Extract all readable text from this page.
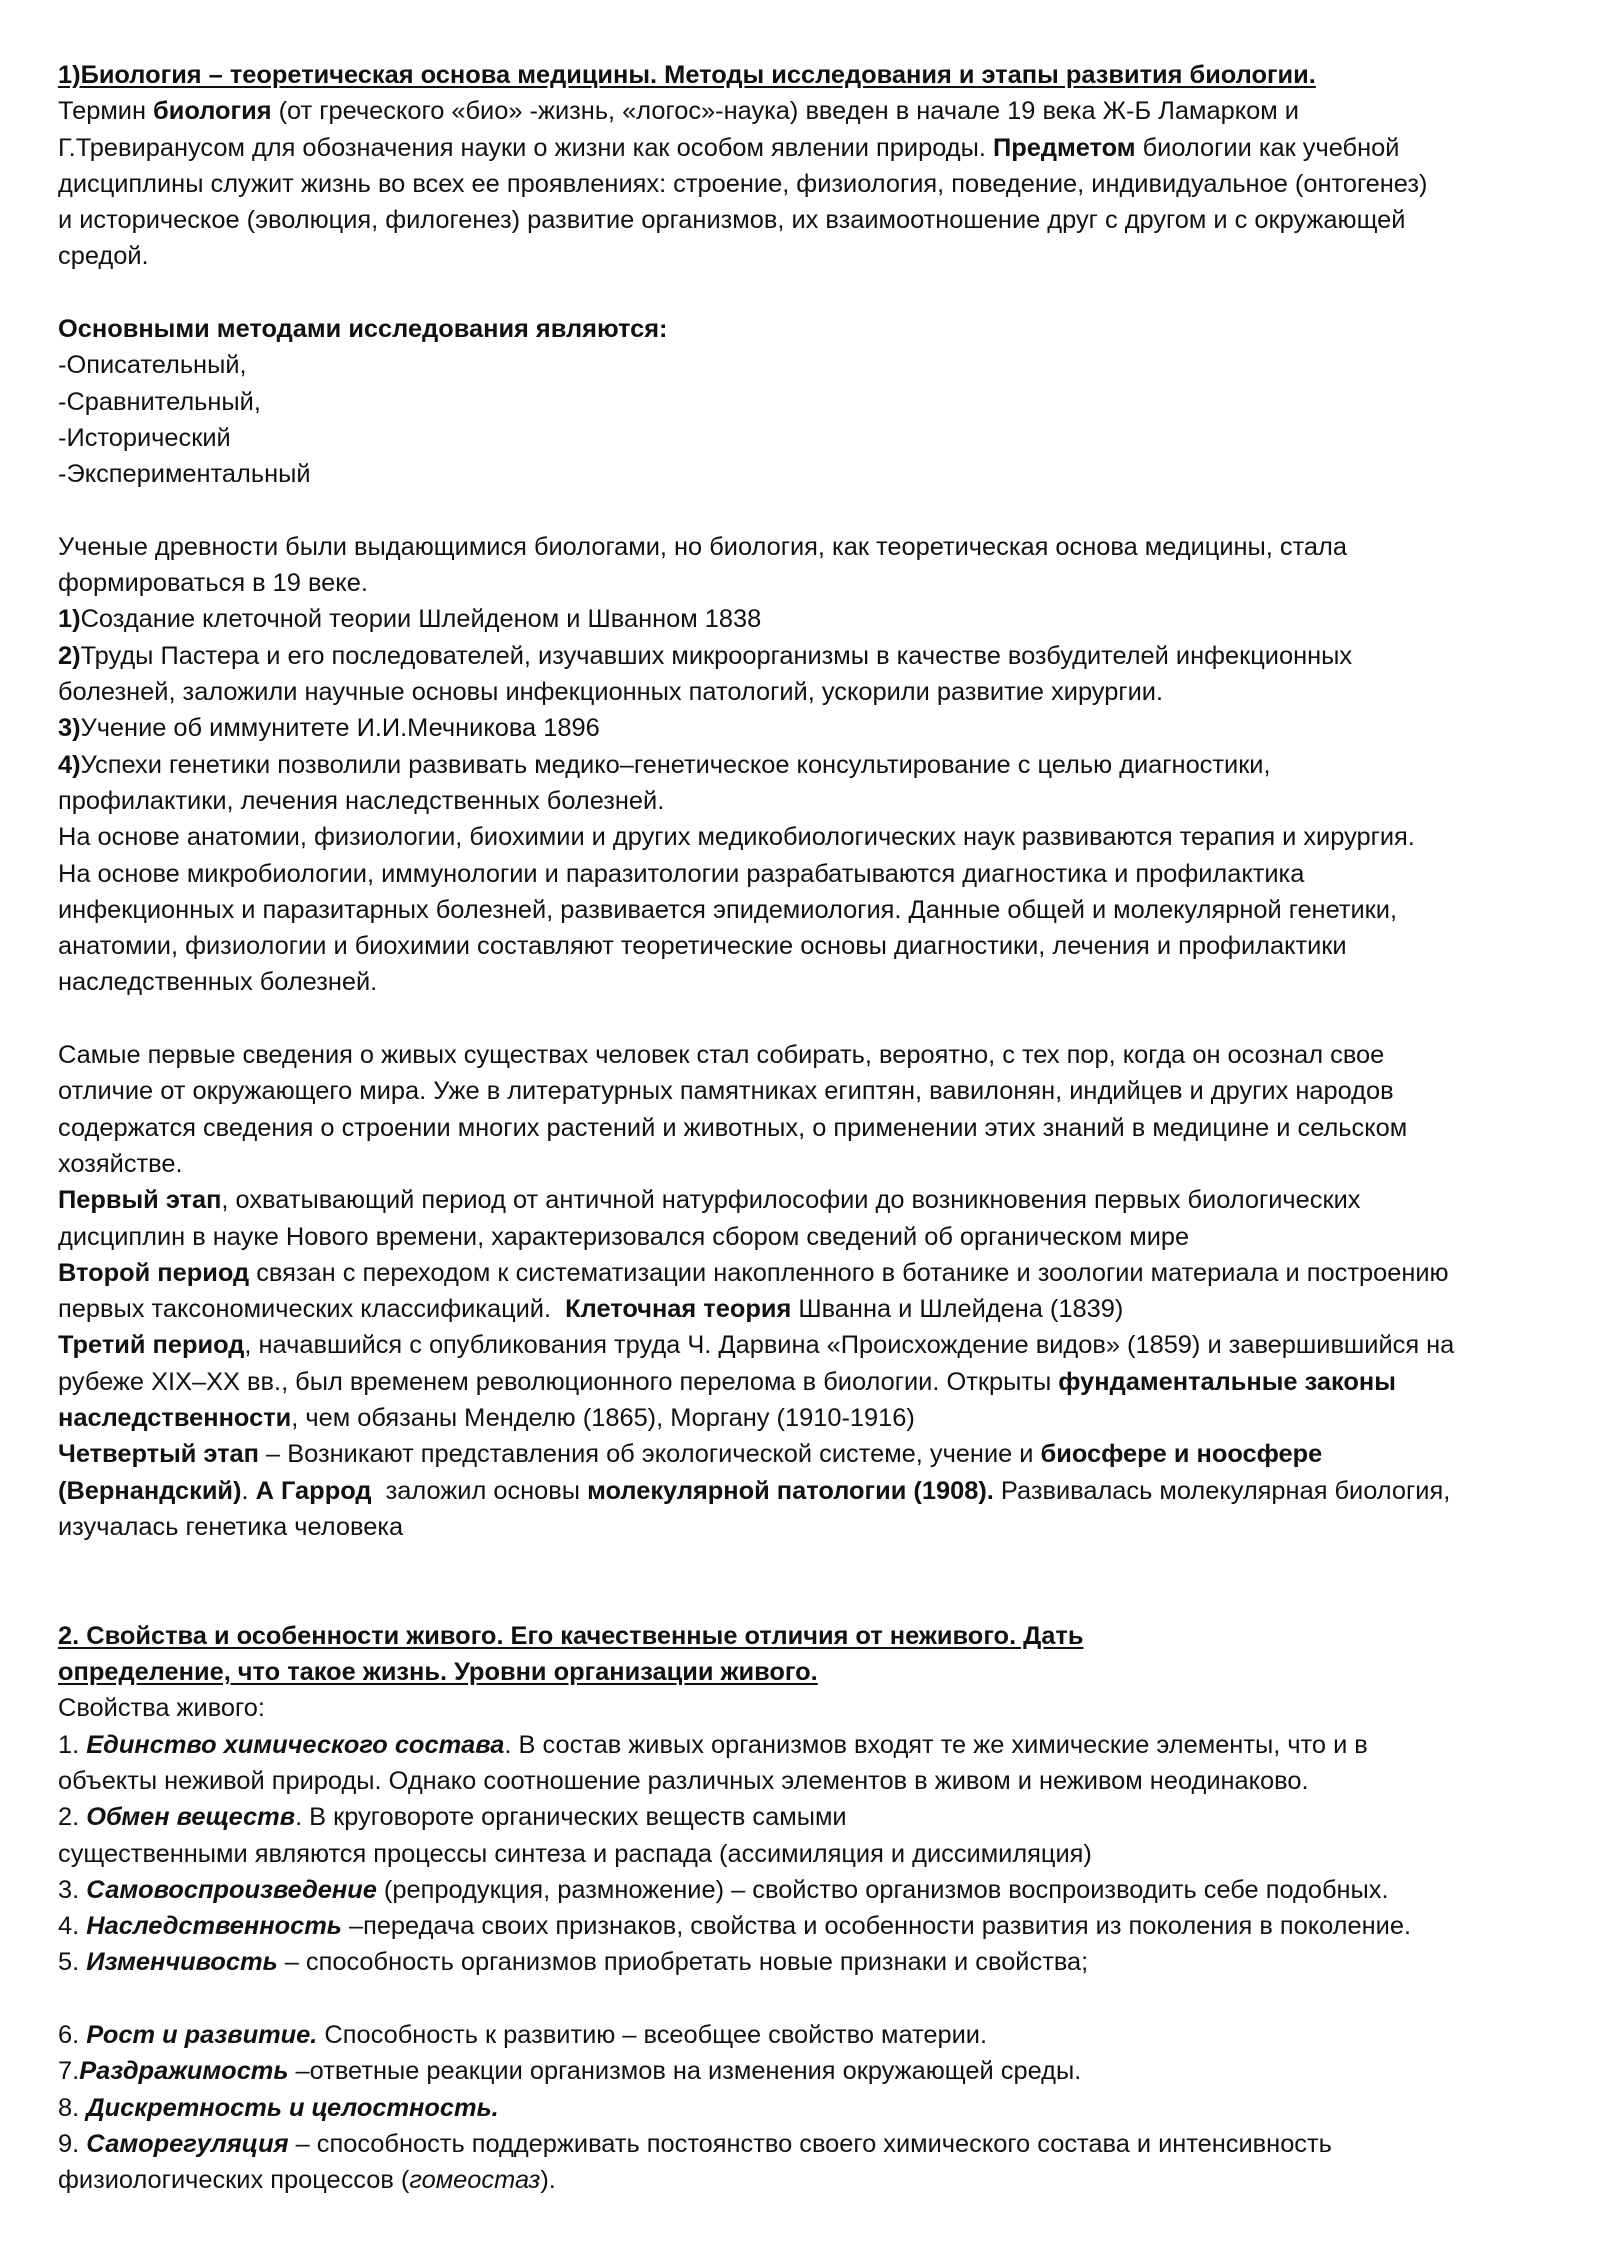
1)Биология – теоретическая основа медицины. Методы исследования и этапы развития биологии.
Термин биология (от греческого «био» -жизнь, «логос»-наука) введен в начале 19 века Ж-Б Ламарком и
Г.Тревиранусом для обозначения науки о жизни как особом явлении природы. Предметом биологии как учебной
дисциплины служит жизнь во всех ее проявлениях: строение, физиология, поведение, индивидуальное (онтогенез)
и историческое (эволюция, филогенез) развитие организмов, их взаимоотношение друг с другом и с окружающей
средой.
Основными методами исследования являются:
-Описательный,
-Сравнительный,
-Исторический
-Экспериментальный
Ученые древности были выдающимися биологами, но биология, как теоретическая основа медицины, стала
формироваться в 19 веке.
1)Создание клеточной теории Шлейденом и Шванном 1838
2)Труды Пастера и его последователей, изучавших микроорганизмы в качестве возбудителей инфекционных
болезней, заложили научные основы инфекционных патологий, ускорили развитие хирургии.
3)Учение об иммунитете И.И.Мечникова 1896
4)Успехи генетики позволили развивать медико–генетическое консультирование с целью диагностики,
профилактики, лечения наследственных болезней.
На основе анатомии, физиологии, биохимии и других медикобиологических наук развиваются терапия и хирургия.
На основе микробиологии, иммунологии и паразитологии разрабатываются диагностика и профилактика
инфекционных и паразитарных болезней, развивается эпидемиология. Данные общей и молекулярной генетики,
анатомии, физиологии и биохимии составляют теоретические основы диагностики, лечения и профилактики
наследственных болезней.
Самые первые сведения о живых существах человек стал собирать, вероятно, с тех пор, когда он осознал свое
отличие от окружающего мира. Уже в литературных памятниках египтян, вавилонян, индийцев и других народов
содержатся сведения о строении многих растений и животных, о применении этих знаний в медицине и сельском
хозяйстве.
Первый этап, охватывающий период от античной натурфилософии до возникновения первых биологических
дисциплин в науке Нового времени, характеризовался сбором сведений об органическом мире
Второй период связан с переходом к систематизации накопленного в ботанике и зоологии материала и построению
первых таксономических классификаций.  Клеточная теория Шванна и Шлейдена (1839)
Третий период, начавшийся с опубликования труда Ч. Дарвина «Происхождение видов» (1859) и завершившийся на
рубеже XIX–XX вв., был временем революционного перелома в биологии. Открыты фундаментальные законы
наследственности, чем обязаны Менделю (1865), Моргану (1910-1916)
Четвертый этап – Возникают представления об экологической системе, учение и биосфере и ноосфере
(Вернандский). А Гаррод  заложил основы молекулярной патологии (1908). Развивалась молекулярная биология,
изучалась генетика человека
2. Свойства и особенности живого. Его качественные отличия от неживого. Дать
определение, что такое жизнь. Уровни организации живого.
Свойства живого:
1. Единство химического состава. В состав живых организмов входят те же химические элементы, что и в
объекты неживой природы. Однако соотношение различных элементов в живом и неживом неодинаково.
2. Обмен веществ. В круговороте органических веществ самыми
существенными являются процессы синтеза и распада (ассимиляция и диссимиляция)
3. Самовоспроизведение (репродукция, размножение) – свойство организмов воспроизводить себе подобных.
4. Наследственность –передача своих признаков, свойства и особенности развития из поколения в поколение.
5. Изменчивость – способность организмов приобретать новые признаки и свойства;
6. Рост и развитие. Способность к развитию – всеобщее свойство материи.
7.Раздражимость –ответные реакции организмов на изменения окружающей среды.
8. Дискретность и целостность.
9. Саморегуляция – способность поддерживать постоянство своего химического состава и интенсивность
физиологических процессов (гомеостаз).
